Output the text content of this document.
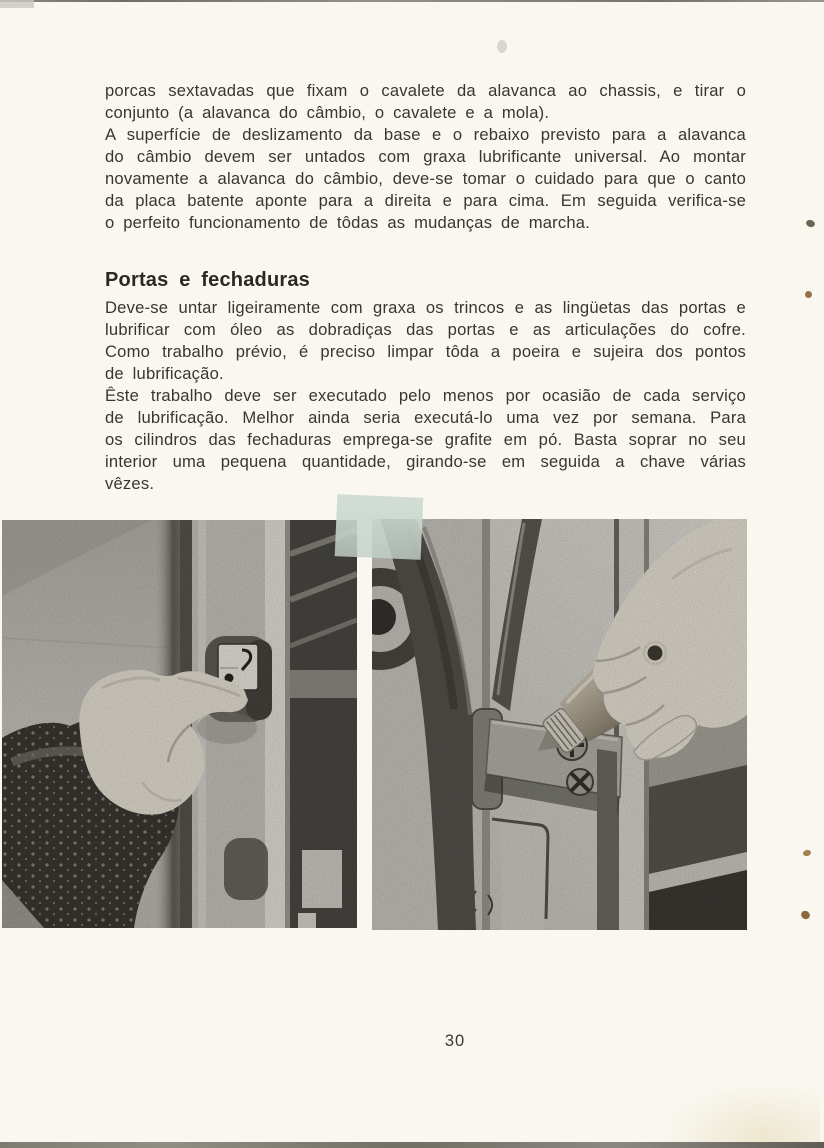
porcas sextavadas que fixam o cavalete da alavanca ao chassis, e tirar o
conjunto (a alavanca do câmbio, o cavalete e a mola).
A superfície de deslizamento da base e o rebaixo previsto para a alavanca
do câmbio devem ser untados com graxa lubrificante universal. Ao montar
novamente a alavanca do câmbio, deve-se tomar o cuidado para que o canto
da placa batente aponte para a direita e para cima. Em seguida verifica-se
o perfeito funcionamento de tôdas as mudanças de marcha.
Portas e fechaduras
Deve-se untar ligeiramente com graxa os trincos e as lingüetas das portas e
lubrificar com óleo as dobradiças das portas e as articulações do cofre.
Como trabalho prévio, é preciso limpar tôda a poeira e sujeira dos pontos
de lubrificação.
Êste trabalho deve ser executado pelo menos por ocasião de cada serviço
de lubrificação. Melhor ainda seria executá-lo uma vez por semana. Para
os cilindros das fechaduras emprega-se grafite em pó. Basta soprar no seu
interior uma pequena quantidade, girando-se em seguida a chave várias
vêzes.
30
